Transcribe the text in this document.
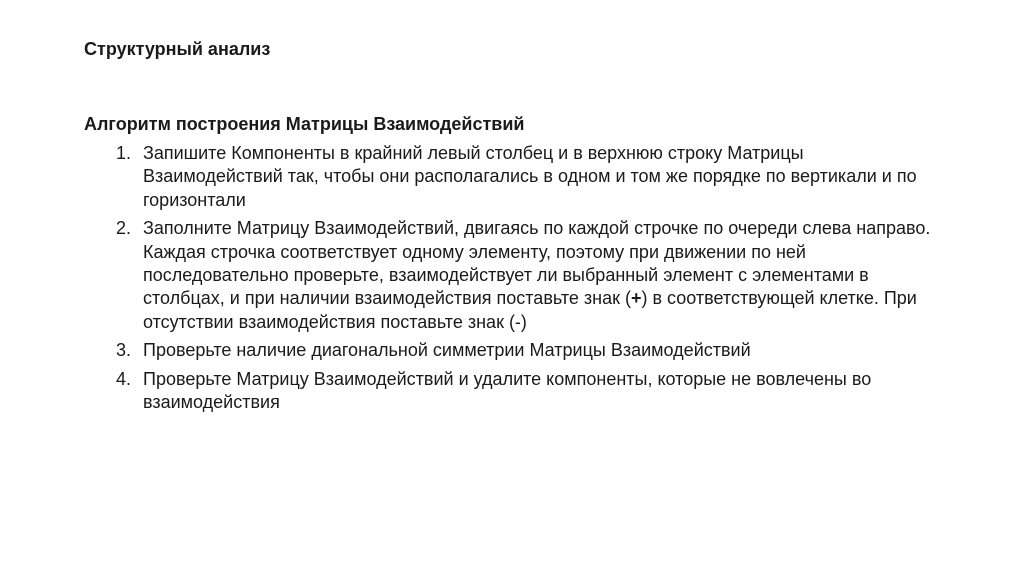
Структурный анализ
Алгоритм построения Матрицы Взаимодействий
1. Запишите Компоненты в крайний левый столбец и в верхнюю строку Матрицы Взаимодействий так, чтобы они располагались в одном и том же порядке по вертикали и по горизонтали
2. Заполните Матрицу Взаимодействий, двигаясь по каждой строчке по очереди слева направо. Каждая строчка соответствует одному элементу, поэтому при движении по ней последовательно проверьте, взаимодействует ли выбранный элемент с элементами в столбцах, и при наличии взаимодействия поставьте знак (+) в соответствующей клетке. При отсутствии взаимодействия поставьте знак (-)
3. Проверьте наличие диагональной симметрии Матрицы Взаимодействий
4. Проверьте Матрицу Взаимодействий и удалите компоненты, которые не вовлечены во взаимодействия
